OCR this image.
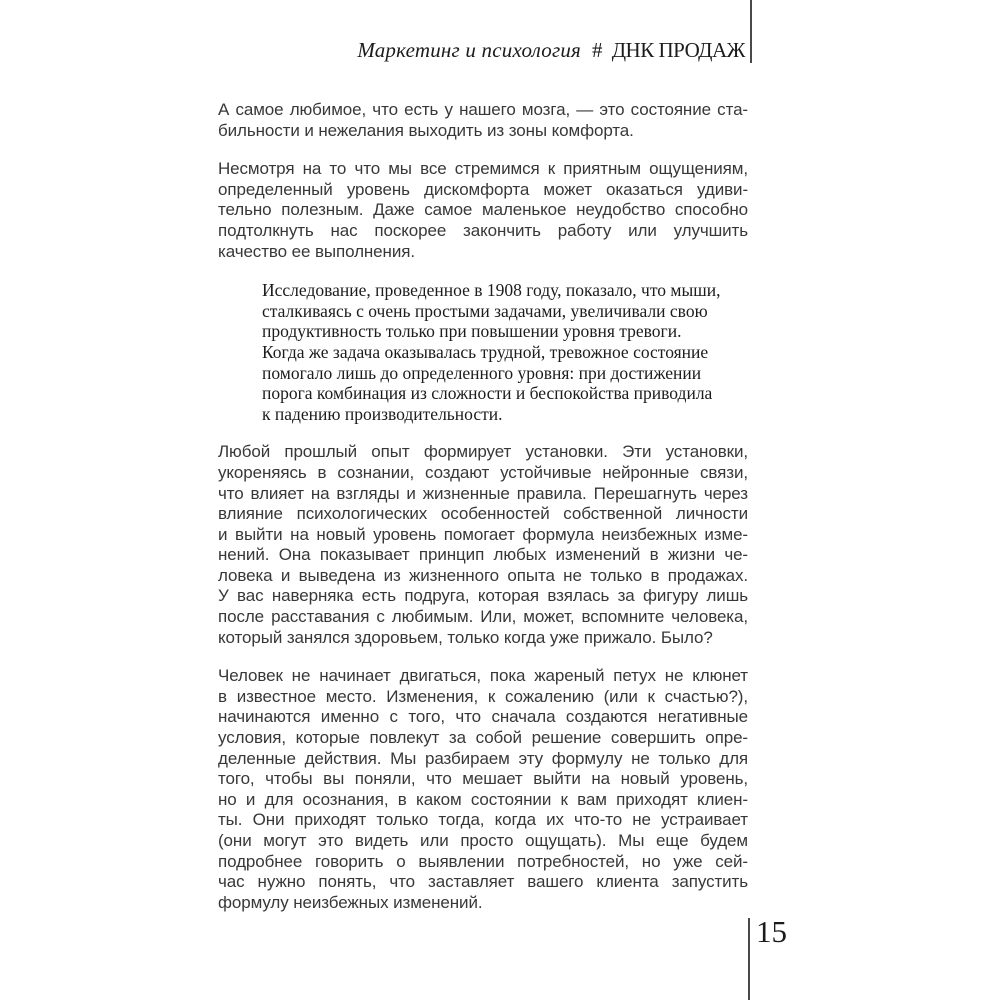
Маркетинг и психология # ДНК ПРОДАЖ
А самое любимое, что есть у нашего мозга, — это состояние ста-
бильности и нежелания выходить из зоны комфорта.
Несмотря на то что мы все стремимся к приятным ощущениям,
определенный уровень дискомфорта может оказаться удиви-
тельно полезным. Даже самое маленькое неудобство способно
подтолкнуть нас поскорее закончить работу или улучшить
качество ее выполнения.
Исследование, проведенное в 1908 году, показало, что мыши,
сталкиваясь с очень простыми задачами, увеличивали свою
продуктивность только при повышении уровня тревоги.
Когда же задача оказывалась трудной, тревожное состояние
помогало лишь до определенного уровня: при достижении
порога комбинация из сложности и беспокойства приводила
к падению производительности.
Любой прошлый опыт формирует установки. Эти установки,
укореняясь в сознании, создают устойчивые нейронные связи,
что влияет на взгляды и жизненные правила. Перешагнуть через
влияние психологических особенностей собственной личности
и выйти на новый уровень помогает формула неизбежных изме-
нений. Она показывает принцип любых изменений в жизни че-
ловека и выведена из жизненного опыта не только в продажах.
У вас наверняка есть подруга, которая взялась за фигуру лишь
после расставания с любимым. Или, может, вспомните человека,
который занялся здоровьем, только когда уже прижало. Было?
Человек не начинает двигаться, пока жареный петух не клюнет
в известное место. Изменения, к сожалению (или к счастью?),
начинаются именно с того, что сначала создаются негативные
условия, которые повлекут за собой решение совершить опре-
деленные действия. Мы разбираем эту формулу не только для
того, чтобы вы поняли, что мешает выйти на новый уровень,
но и для осознания, в каком состоянии к вам приходят клиен-
ты. Они приходят только тогда, когда их что-то не устраивает
(они могут это видеть или просто ощущать). Мы еще будем
подробнее говорить о выявлении потребностей, но уже сей-
час нужно понять, что заставляет вашего клиента запустить
формулу неизбежных изменений.
15
